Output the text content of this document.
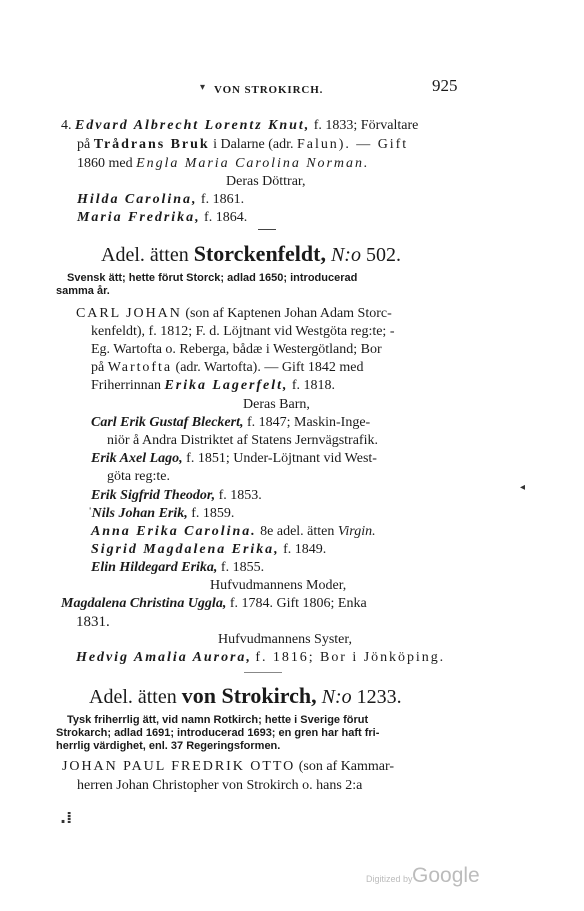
VON STROKIRCH.	925
▾
4. Edvard Albrecht Lorentz Knut, f. 1833; Förvaltare
på Trådrans Bruk i Dalarne (adr. Falun). — Gift
1860 med Engla Maria Carolina Norman.
Deras Döttrar,
Hilda Carolina, f. 1861.
Maria Fredrika, f. 1864.
Adel. ätten Storckenfeldt, N:o 502.
Svensk ätt; hette förut Storck; adlad 1650; introducerad
samma år.
CARL JOHAN (son af Kaptenen Johan Adam Storc-
kenfeldt), f. 1812; F. d. Löjtnant vid Westgöta reg:te; -
Eg. Wartofta o. Reberga, bådæ i Westergötland; Bor
på Wartofta (adr. Wartofta). — Gift 1842 med
Friherrinnan Erika Lagerfelt, f. 1818.
Deras Barn,
Carl Erik Gustaf Bleckert, f. 1847; Maskin-Inge-
niör å Andra Distriktet af Statens Jernvägstrafik.
Erik Axel Lago, f. 1851; Under-Löjtnant vid West-
göta reg:te.
Erik Sigfrid Theodor, f. 1853.
ˈNils Johan Erik, f. 1859.
Anna Erika Carolina. 8e adel. ätten Virgin.
Sigrid Magdalena Erika, f. 1849.
Elin Hildegard Erika, f. 1855.
Hufvudmannens Moder,
Magdalena Christina Uggla, f. 1784. Gift 1806; Enka
1831.
Hufvudmannens Syster,
Hedvig Amalia Aurora, f. 1816; Bor i Jönköping.
Adel. ätten von Strokirch, N:o 1233.
Tysk friherrlig ätt, vid namn Rotkirch; hette i Sverige förut
Strokarch; adlad 1691; introducerad 1693; en gren har haft fri-
herrlig värdighet, enl. 37 Regeringsformen.
JOHAN PAUL FREDRIK OTTO (son af Kammar-
herren Johan Christopher von Strokirch o. hans 2:a
.⁞
◂
Digitized by Google
